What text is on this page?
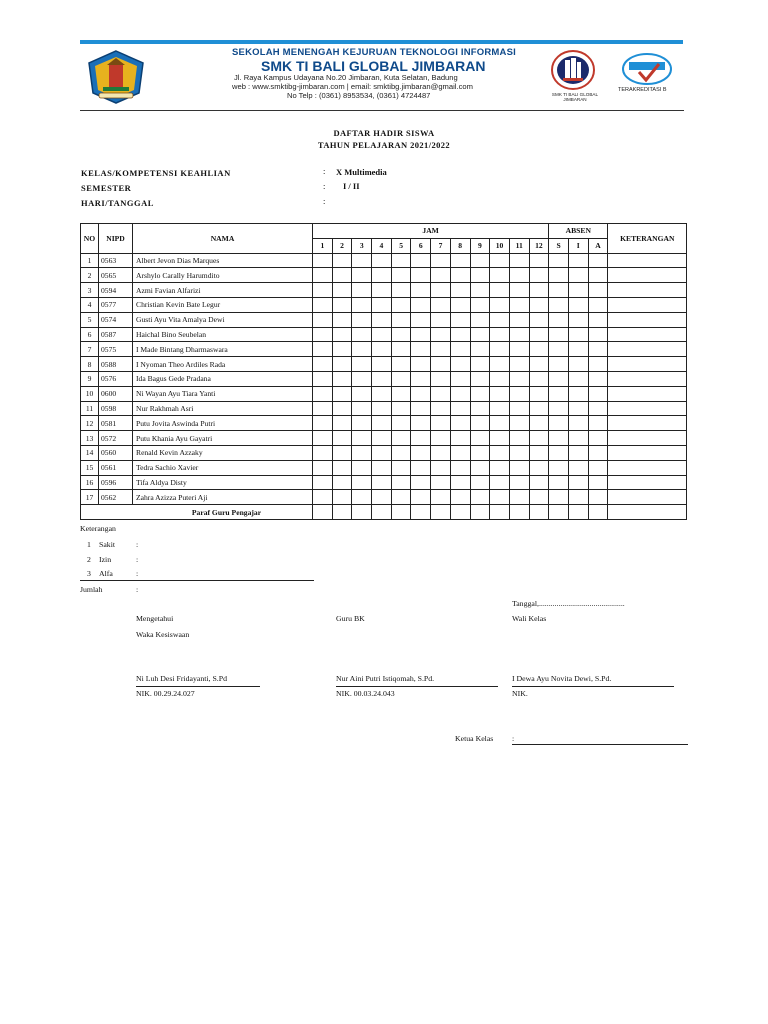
SEKOLAH MENENGAH KEJURUAN TEKNOLOGI INFORMASI
SMK TI BALI GLOBAL JIMBARAN
Jl. Raya Kampus Udayana No.20 Jimbaran, Kuta Selatan, Badung
web : www.smktibg-jimbaran.com | email: smktibg.jimbaran@gmail.com
No Telp : (0361) 8953534, (0361) 4724487	SMK TI BALI GLOBAL JIMBARAN
TERAKREDITASI B
DAFTAR HADIR SISWA
TAHUN PELAJARAN 2021/2022
KELAS/KOMPETENSI KEAHLIAN	: X Multimedia
SEMESTER	: I / II
HARI/TANGGAL	:
NO	NIPD	NAMA	JAM												ABSEN			KETERANGAN
			1	2	3	4	5	6	7	8	9	10	11	12	S	I	A	
1	0563	Albert Jevon Dias Marques																
2	0565	Arshylo Carally Harumdito																
3	0594	Azmi Favian Alfarizi																
4	0577	Christian Kevin Bate Legur																
5	0574	Gusti Ayu Vita Amalya Dewi																
6	0587	Haichal Bino Seubelan																
7	0575	I Made Bintang Dharmaswara																
8	0588	I Nyoman Theo Ardiles Rada																
9	0576	Ida Bagus Gede Pradana																
10	0600	Ni Wayan Ayu Tiara Yanti																
11	0598	Nur Rakhmah Asri																
12	0581	Putu Jovita Aswinda Putri																
13	0572	Putu Khania Ayu Gayatri																
14	0560	Renald Kevin Azzaky																
15	0561	Tedra Sachio Xavier																
16	0596	Tifa Aldya Disty																
17	0562	Zahra Azizza Puteri Aji																
Paraf Guru Pengajar																		
Keterangan
1 Sakit	:
2 Izin	:
3 Alfa	:
Jumlah	:
Tanggal,............................................
Mengetahui	Guru BK	Wali Kelas
Waka Kesiswaan
Ni Luh Desi Fridayanti, S.Pd
NIK. 00.29.24.027
Nur Aini Putri Istiqomah, S.Pd.
NIK. 00.03.24.043
I Dewa Ayu Novita Dewi, S.Pd.
NIK.
Ketua Kelas :
